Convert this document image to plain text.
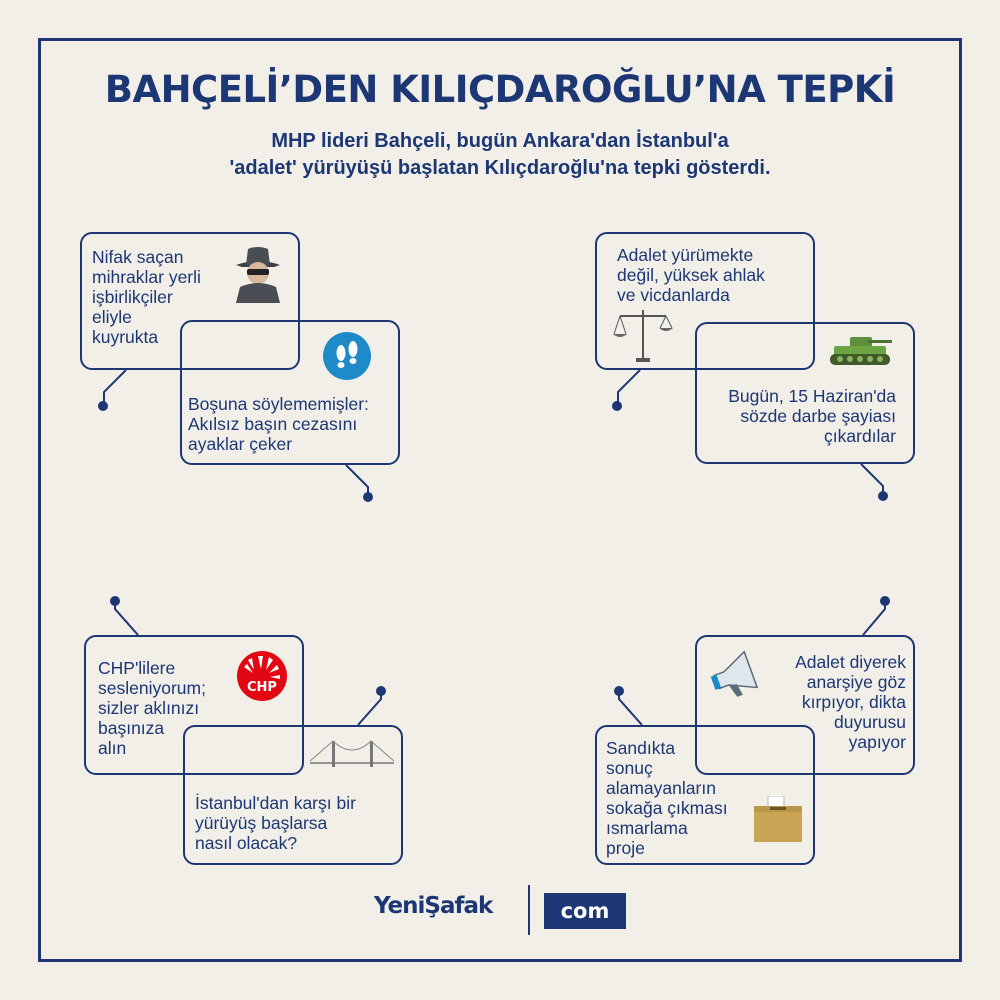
BAHÇELİ’DEN KILIÇDAROĞLU’NA TEPKİ
MHP lideri Bahçeli, bugün Ankara'dan İstanbul'a
'adalet' yürüyüşü başlatan Kılıçdaroğlu'na tepki gösterdi.
Nifak saçan
mihraklar yerli
işbirlikçiler
eliyle
kuyrukta
Boşuna söylememişler:
Akılsız başın cezasını
ayaklar çeker
Adalet yürümekte
değil, yüksek ahlak
ve vicdanlarda
Bugün, 15 Haziran'da
sözde darbe şayiası
çıkardılar
CHP'lilere
sesleniyorum;
sizler aklınızı
başınıza
alın
CHP
İstanbul'dan karşı bir
yürüyüş başlarsa
nasıl olacak?
Adalet diyerek
anarşiye göz
kırpıyor, dikta
duyurusu
yapıyor
Sandıkta
sonuç
alamayanların
sokağa çıkması
ısmarlama
proje
YeniŞafak	com
